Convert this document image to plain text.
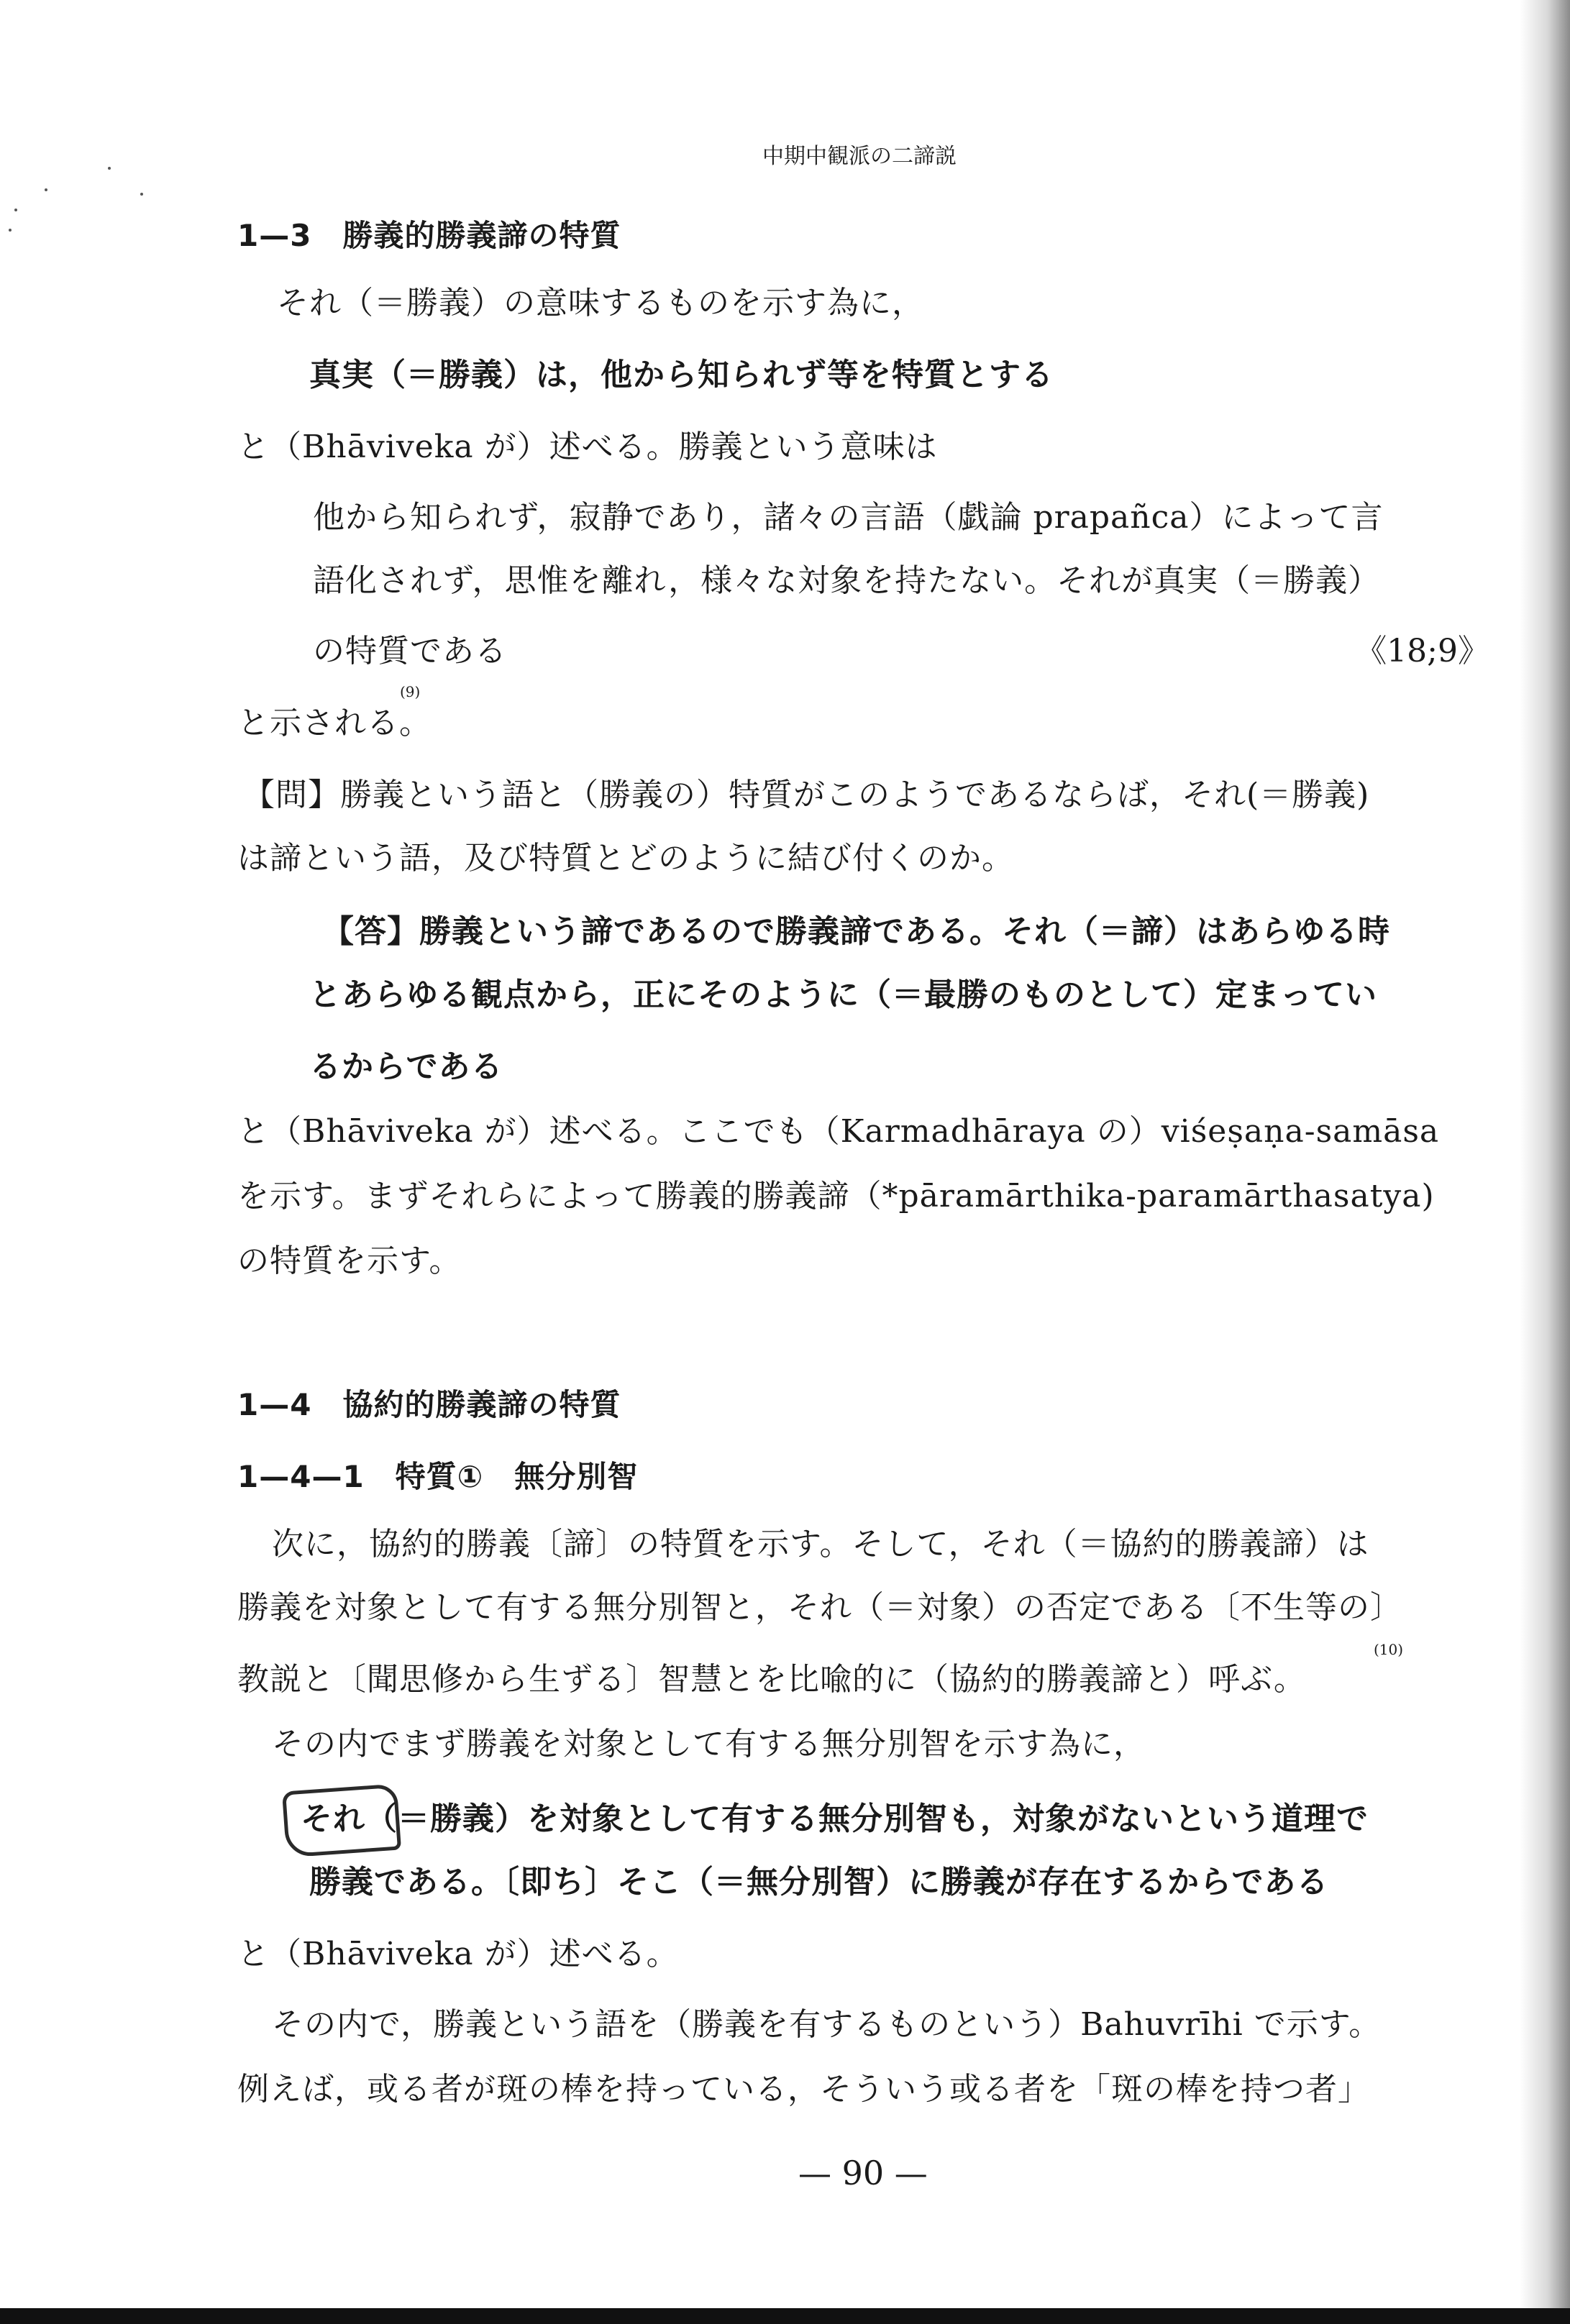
中期中観派の二諦説
1—3　勝義的勝義諦の特質
それ（＝勝義）の意味するものを示す為に，
真実（＝勝義）は，他から知られず等を特質とする
と（Bhāviveka が）述べる。勝義という意味は
他から知られず，寂静であり，諸々の言語（戯論 prapañca）によって言
語化されず，思惟を離れ，様々な対象を持たない。それが真実（＝勝義）
の特質である	《18;9》
と示される。
(9)
【問】勝義という語と（勝義の）特質がこのようであるならば，それ(＝勝義)
は諦という語，及び特質とどのように結び付くのか。
【答】勝義という諦であるので勝義諦である。それ（＝諦）はあらゆる時
とあらゆる観点から，正にそのように（＝最勝のものとして）定まってい
るからである
と（Bhāviveka が）述べる。ここでも（Karmadhāraya の）viśeṣaṇa-samāsa
を示す。まずそれらによって勝義的勝義諦（*pāramārthika-paramārthasatya)
の特質を示す。
1—4　協約的勝義諦の特質
1—4—1　特質①　無分別智
次に，協約的勝義〔諦〕の特質を示す。そして，それ（＝協約的勝義諦）は
勝義を対象として有する無分別智と，それ（＝対象）の否定である〔不生等の〕
教説と〔聞思修から生ずる〕智慧とを比喩的に（協約的勝義諦と）呼ぶ。
(10)
その内でまず勝義を対象として有する無分別智を示す為に，
それ（＝勝義）を対象として有する無分別智も，対象がないという道理で
勝義である。〔即ち〕そこ（＝無分別智）に勝義が存在するからである
と（Bhāviveka が）述べる。
その内で，勝義という語を（勝義を有するものという）Bahuvrīhi で示す。
例えば，或る者が斑の棒を持っている，そういう或る者を「斑の棒を持つ者」
— 90 —
